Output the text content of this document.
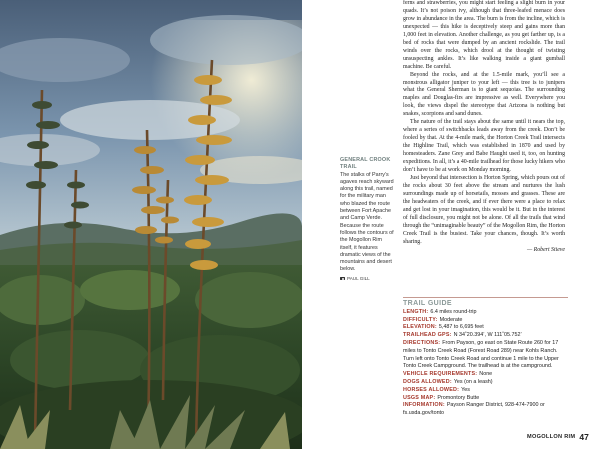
GENERAL CROOK TRAIL
The stalks of Parry’s agaves reach skyward along this trail, named for the military man who blazed the route between Fort Apache and Camp Verde. Because the route follows the contours of the Mogollon Rim itself, it features dramatic views of the mountains and desert below.
PAUL GILL

ferns and strawberries, you might start feeling a slight burn in your quads. It’s not poison ivy, although that three-leafed menace does grow in abundance in the area. The burn is from the incline, which is unexpected — this hike is deceptively steep and gains more than 1,000 feet in elevation. Another challenge, as you get farther up, is a bed of rocks that were dumped by an ancient rockslide. The trail winds over the rocks, which drool at the thought of twisting unsuspecting ankles. It’s like walking inside a giant gumball machine. Be careful.

Beyond the rocks, and at the 1.5-mile mark, you’ll see a monstrous alligator juniper to your left — this tree is to junipers what the General Sherman is to giant sequoias. The surrounding maples and Douglas-firs are impressive as well. Everywhere you look, the views dispel the stereotype that Arizona is nothing but snakes, scorpions and sand dunes.

The nature of the trail stays about the same until it nears the top, where a series of switchbacks leads away from the creek. Don’t be fooled by that. At the 4-mile mark, the Horton Creek Trail intersects the Highline Trail, which was established in 1870 and used by homesteaders. Zane Grey and Babe Haught used it, too, on hunting expeditions. In all, it’s a 40-mile trailhead for those lucky hikers who don’t have to be at work on Monday morning.

Just beyond that intersection is Horton Spring, which pours out of the rocks about 30 feet above the stream and nurtures the lush surroundings made up of horsetails, mosses and grasses. These are the headwaters of the creek, and if ever there were a place to relax and get lost in your imagination, this would be it. But in the interest of full disclosure, you might not be alone. Of all the trails that wind through the “unimaginable beauty” of the Mogollon Rim, the Horton Creek Trail is the busiest. Take your chances, though. It’s worth sharing.

— Robert Stieve
TRAIL GUIDE
LENGTH: 6.4 miles round-trip
DIFFICULTY: Moderate
ELEVATION: 5,487 to 6,695 feet
TRAILHEAD GPS: N 34˚20.394’, W 111˚05.752’
DIRECTIONS: From Payson, go east on State Route 260 for 17 miles to Tonto Creek Road (Forest Road 289) near Kohls Ranch. Turn left onto Tonto Creek Road and continue 1 mile to the Upper Tonto Creek Campground. The trailhead is at the campground.
VEHICLE REQUIREMENTS: None
DOGS ALLOWED: Yes (on a leash)
HORSES ALLOWED: Yes
USGS MAP: Promontory Butte
INFORMATION: Payson Ranger District, 928-474-7900 or fs.usda.gov/tonto
MOGOLLON RIM 47
